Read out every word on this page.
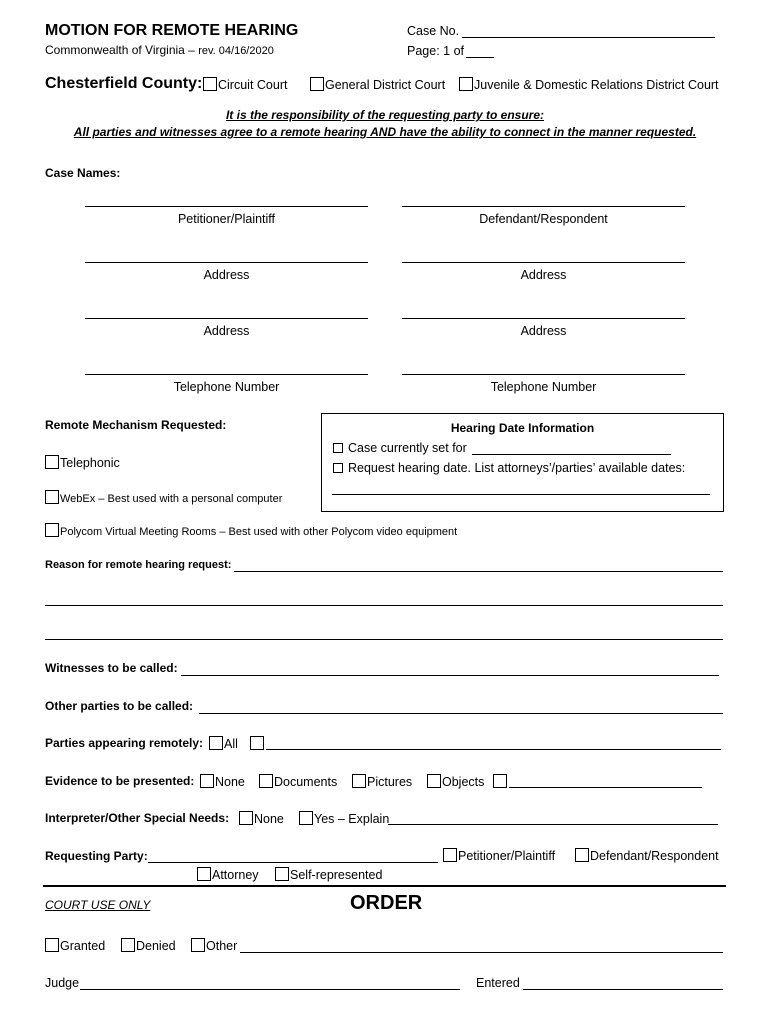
MOTION FOR REMOTE HEARING
Commonwealth of Virginia – rev. 04/16/2020
Case No.
Page: 1 of
Chesterfield County:	Circuit Court	General District Court	Juvenile & Domestic Relations District Court
It is the responsibility of the requesting party to ensure:
All parties and witnesses agree to a remote hearing AND have the ability to connect in the manner requested.
Case Names:
Petitioner/Plaintiff	Defendant/Respondent
Address	Address
Address	Address
Telephone Number	Telephone Number
Remote Mechanism Requested:
Telephonic
WebEx – Best used with a personal computer
Polycom Virtual Meeting Rooms – Best used with other Polycom video equipment
Hearing Date Information
Case currently set for
Request hearing date. List attorneys’/parties’ available dates:
Reason for remote hearing request:
Witnesses to be called:
Other parties to be called:
Parties appearing remotely:	All
Evidence to be presented:	None	Documents	Pictures	Objects
Interpreter/Other Special Needs:	None	Yes – Explain
Requesting Party:	Petitioner/Plaintiff	Defendant/Respondent
Attorney	Self-represented
COURT USE ONLY	ORDER
Granted	Denied	Other
Judge	Entered
